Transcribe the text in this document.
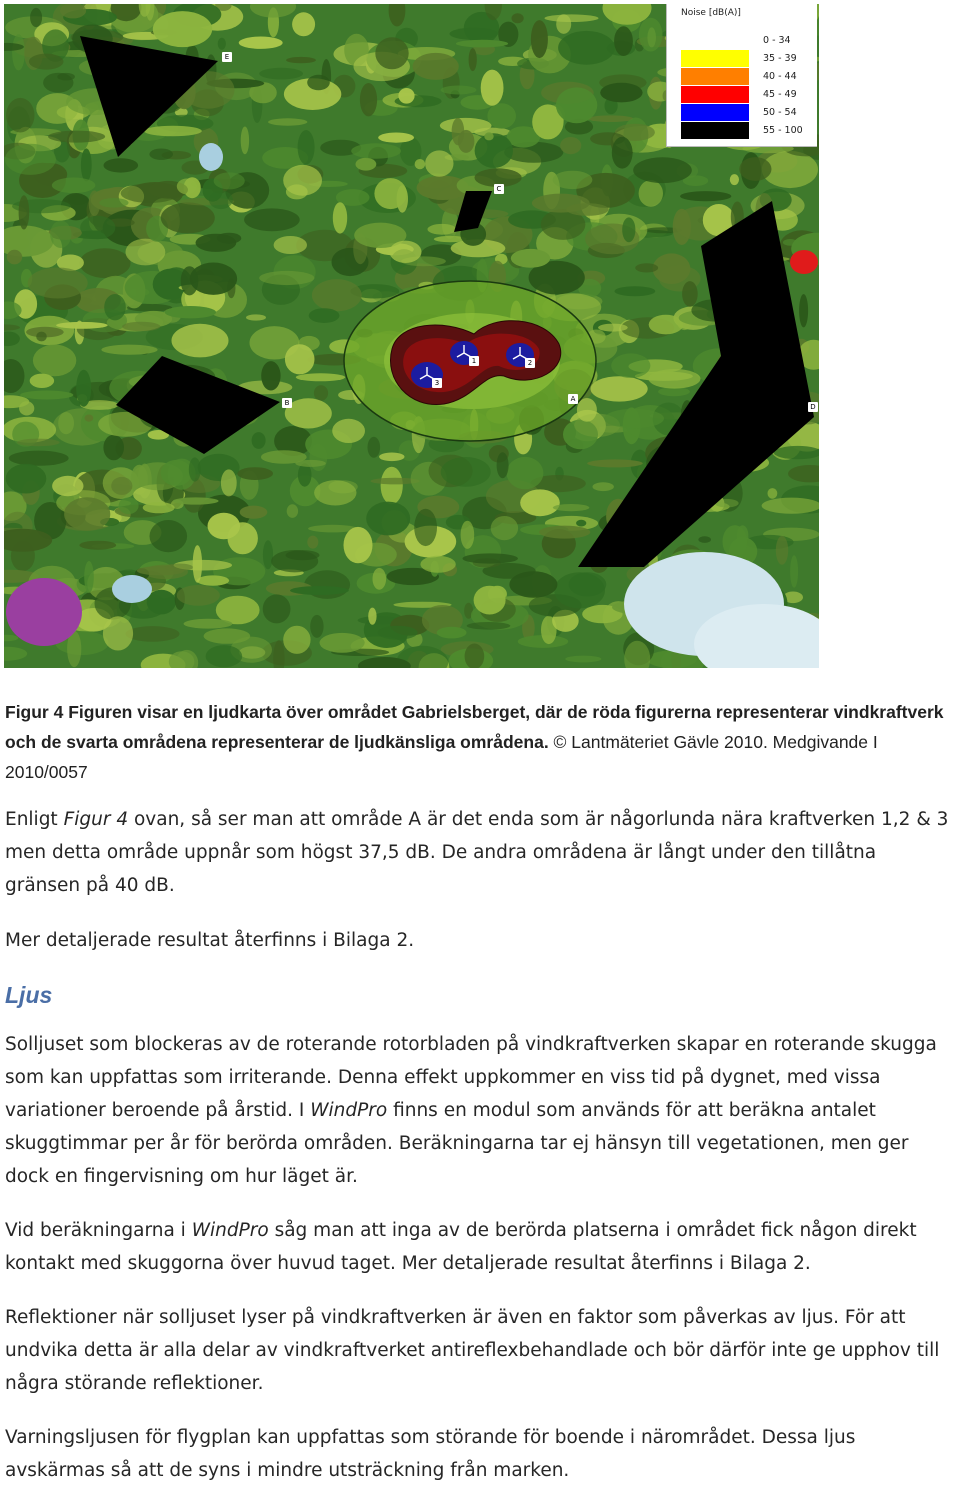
E
C
B	A
D
1	2
3
Noise [dB(A)]
0 - 34
35 - 39
40 - 44
45 - 49
50 - 54
55 - 100
Figur 4 Figuren visar en ljudkarta över området Gabrielsberget, där de röda figurerna representerar vindkraftverk och de svarta områdena representerar de ljudkänsliga områdena. © Lantmäteriet Gävle 2010. Medgivande I 2010/0057
Enligt Figur 4 ovan, så ser man att område A är det enda som är någorlunda nära kraftverken 1,2 & 3 men detta område uppnår som högst 37,5 dB. De andra områdena är långt under den tillåtna gränsen på 40 dB.
Mer detaljerade resultat återfinns i Bilaga 2.
Ljus
Solljuset som blockeras av de roterande rotorbladen på vindkraftverken skapar en roterande skugga som kan uppfattas som irriterande. Denna effekt uppkommer en viss tid på dygnet, med vissa variationer beroende på årstid. I WindPro finns en modul som används för att beräkna antalet skuggtimmar per år för berörda områden. Beräkningarna tar ej hänsyn till vegetationen, men ger dock en fingervisning om hur läget är.
Vid beräkningarna i WindPro såg man att inga av de berörda platserna i området fick någon direkt kontakt med skuggorna över huvud taget. Mer detaljerade resultat återfinns i Bilaga 2.
Reflektioner när solljuset lyser på vindkraftverken är även en faktor som påverkas av ljus. För att undvika detta är alla delar av vindkraftverket antireflexbehandlade och bör därför inte ge upphov till några störande reflektioner.
Varningsljusen för flygplan kan uppfattas som störande för boende i närområdet. Dessa ljus avskärmas så att de syns i mindre utsträckning från marken.
